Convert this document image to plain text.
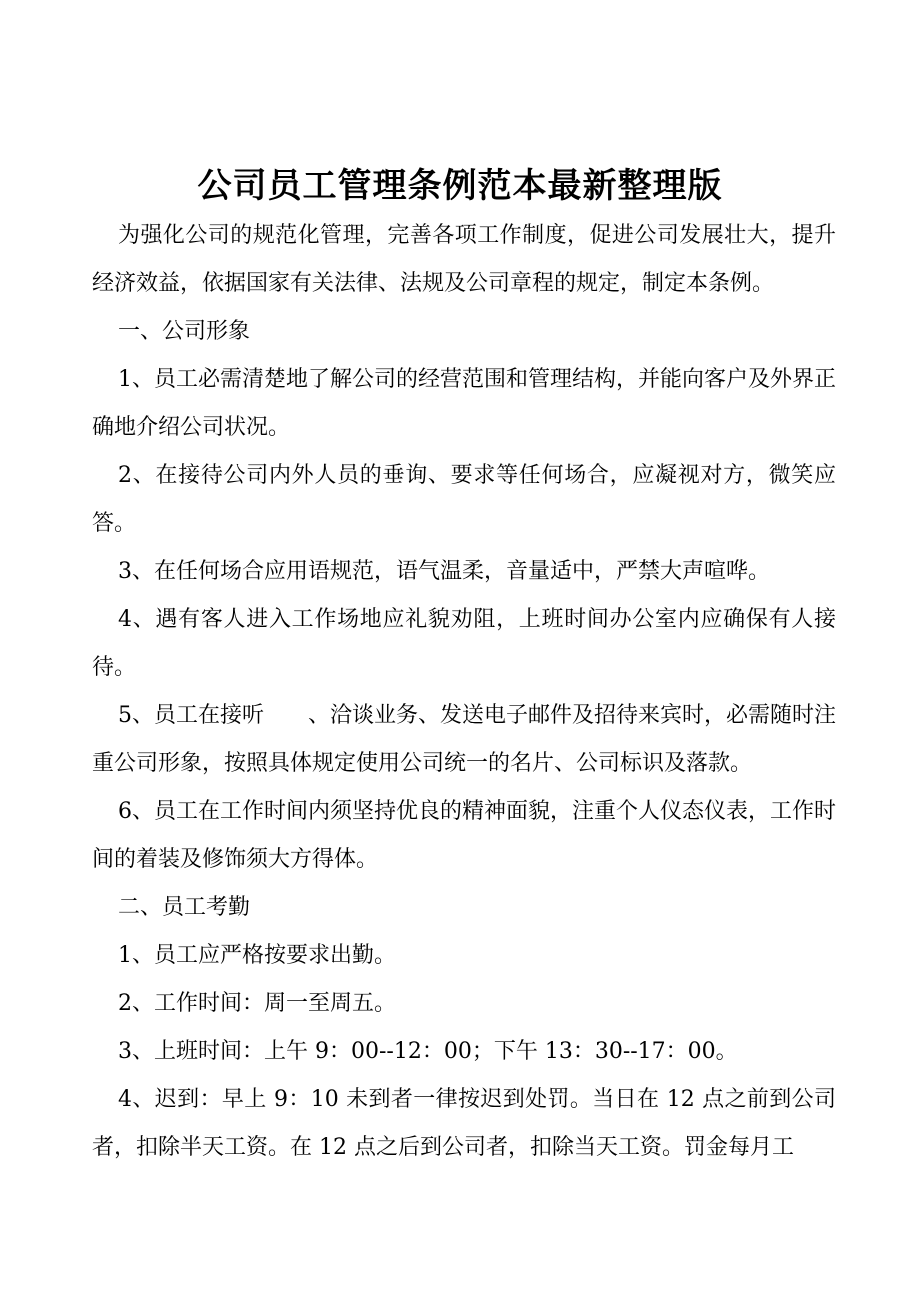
公司员工管理条例范本最新整理版

为强化公司的规范化管理，完善各项工作制度，促进公司发展壮大，提升经济效益，依据国家有关法律、法规及公司章程的规定，制定本条例。

一、公司形象

1、员工必需清楚地了解公司的经营范围和管理结构，并能向客户及外界正确地介绍公司状况。

2、在接待公司内外人员的垂询、要求等任何场合，应凝视对方，微笑应答。

3、在任何场合应用语规范，语气温柔，音量适中，严禁大声喧哗。

4、遇有客人进入工作场地应礼貌劝阻，上班时间办公室内应确保有人接待。

5、员工在接听　　、洽谈业务、发送电子邮件及招待来宾时，必需随时注重公司形象，按照具体规定使用公司统一的名片、公司标识及落款。

6、员工在工作时间内须坚持优良的精神面貌，注重个人仪态仪表，工作时间的着装及修饰须大方得体。

二、员工考勤

1、员工应严格按要求出勤。

2、工作时间：周一至周五。

3、上班时间：上午 9：00--12：00；下午 13：30--17：00。

4、迟到：早上 9：10 未到者一律按迟到处罚。当日在 12 点之前到公司者，扣除半天工资。在 12 点之后到公司者，扣除当天工资。罚金每月工
